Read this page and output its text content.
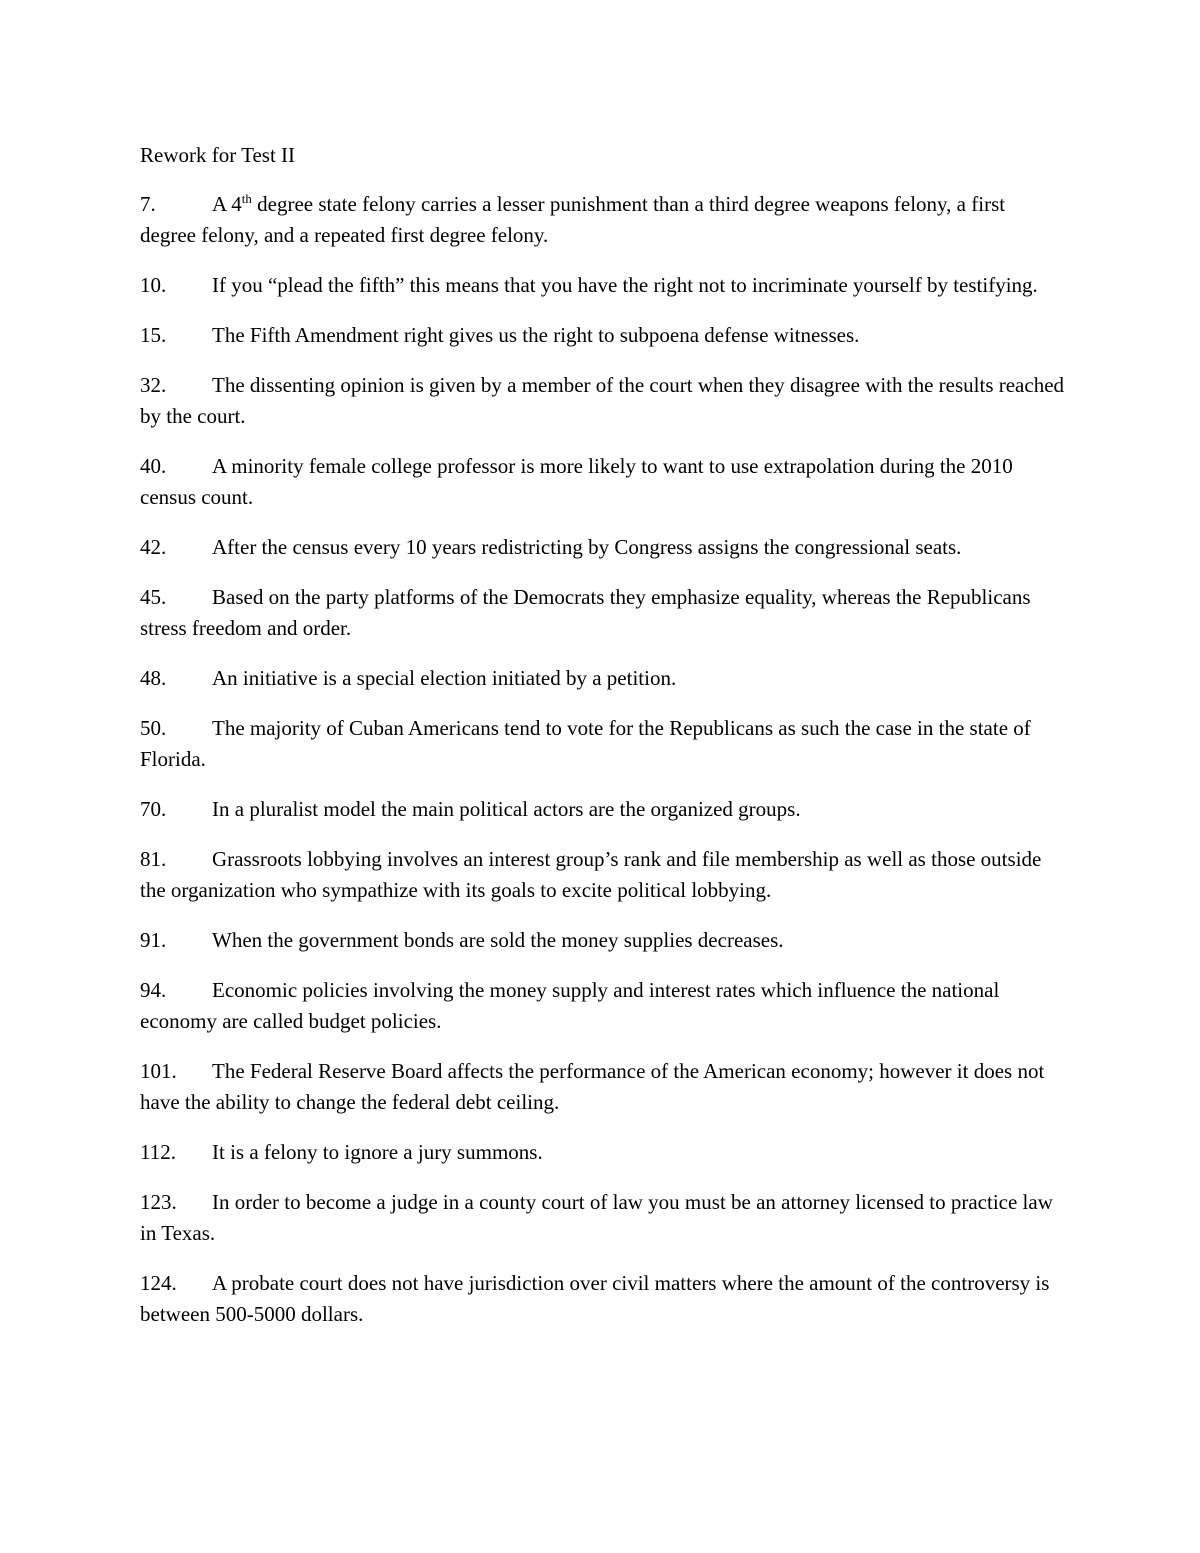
Rework for Test II

7.	A 4th degree state felony carries a lesser punishment than a third degree weapons felony, a first degree felony, and a repeated first degree felony.

10. If you “plead the fifth” this means that you have the right not to incriminate yourself by testifying.

15. The Fifth Amendment right gives us the right to subpoena defense witnesses.

32. The dissenting opinion is given by a member of the court when they disagree with the results reached by the court.

40. A minority female college professor is more likely to want to use extrapolation during the 2010 census count.

42. After the census every 10 years redistricting by Congress assigns the congressional seats.

45. Based on the party platforms of the Democrats they emphasize equality, whereas the Republicans stress freedom and order.

48. An initiative is a special election initiated by a petition.

50. The majority of Cuban Americans tend to vote for the Republicans as such the case in the state of Florida.

70. In a pluralist model the main political actors are the organized groups.

81. Grassroots lobbying involves an interest group’s rank and file membership as well as those outside the organization who sympathize with its goals to excite political lobbying.

91. When the government bonds are sold the money supplies decreases.

94. Economic policies involving the money supply and interest rates which influence the national economy are called budget policies.

101. The Federal Reserve Board affects the performance of the American economy; however it does not have the ability to change the federal debt ceiling.

112. It is a felony to ignore a jury summons.

123. In order to become a judge in a county court of law you must be an attorney licensed to practice law in Texas.

124. A probate court does not have jurisdiction over civil matters where the amount of the controversy is between 500-5000 dollars.
